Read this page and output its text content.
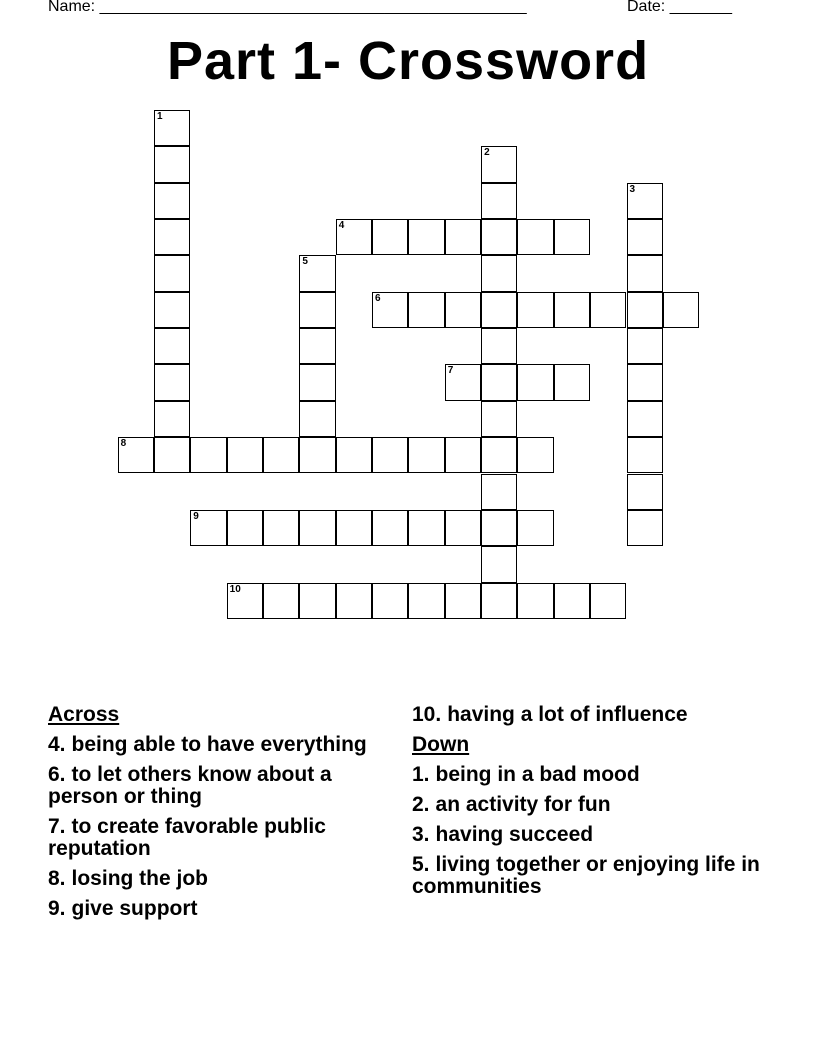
Name: ________________________________________________	Date: _______
Part 1- Crossword
1
2
3
4
5
6
7
8
9
10
Across
4. being able to have everything
6. to let others know about a person or thing
7. to create favorable public reputation
8. losing the job
9. give support
10. having a lot of influence
Down
1. being in a bad mood
2. an activity for fun
3. having succeed
5. living together or enjoying life in communities
